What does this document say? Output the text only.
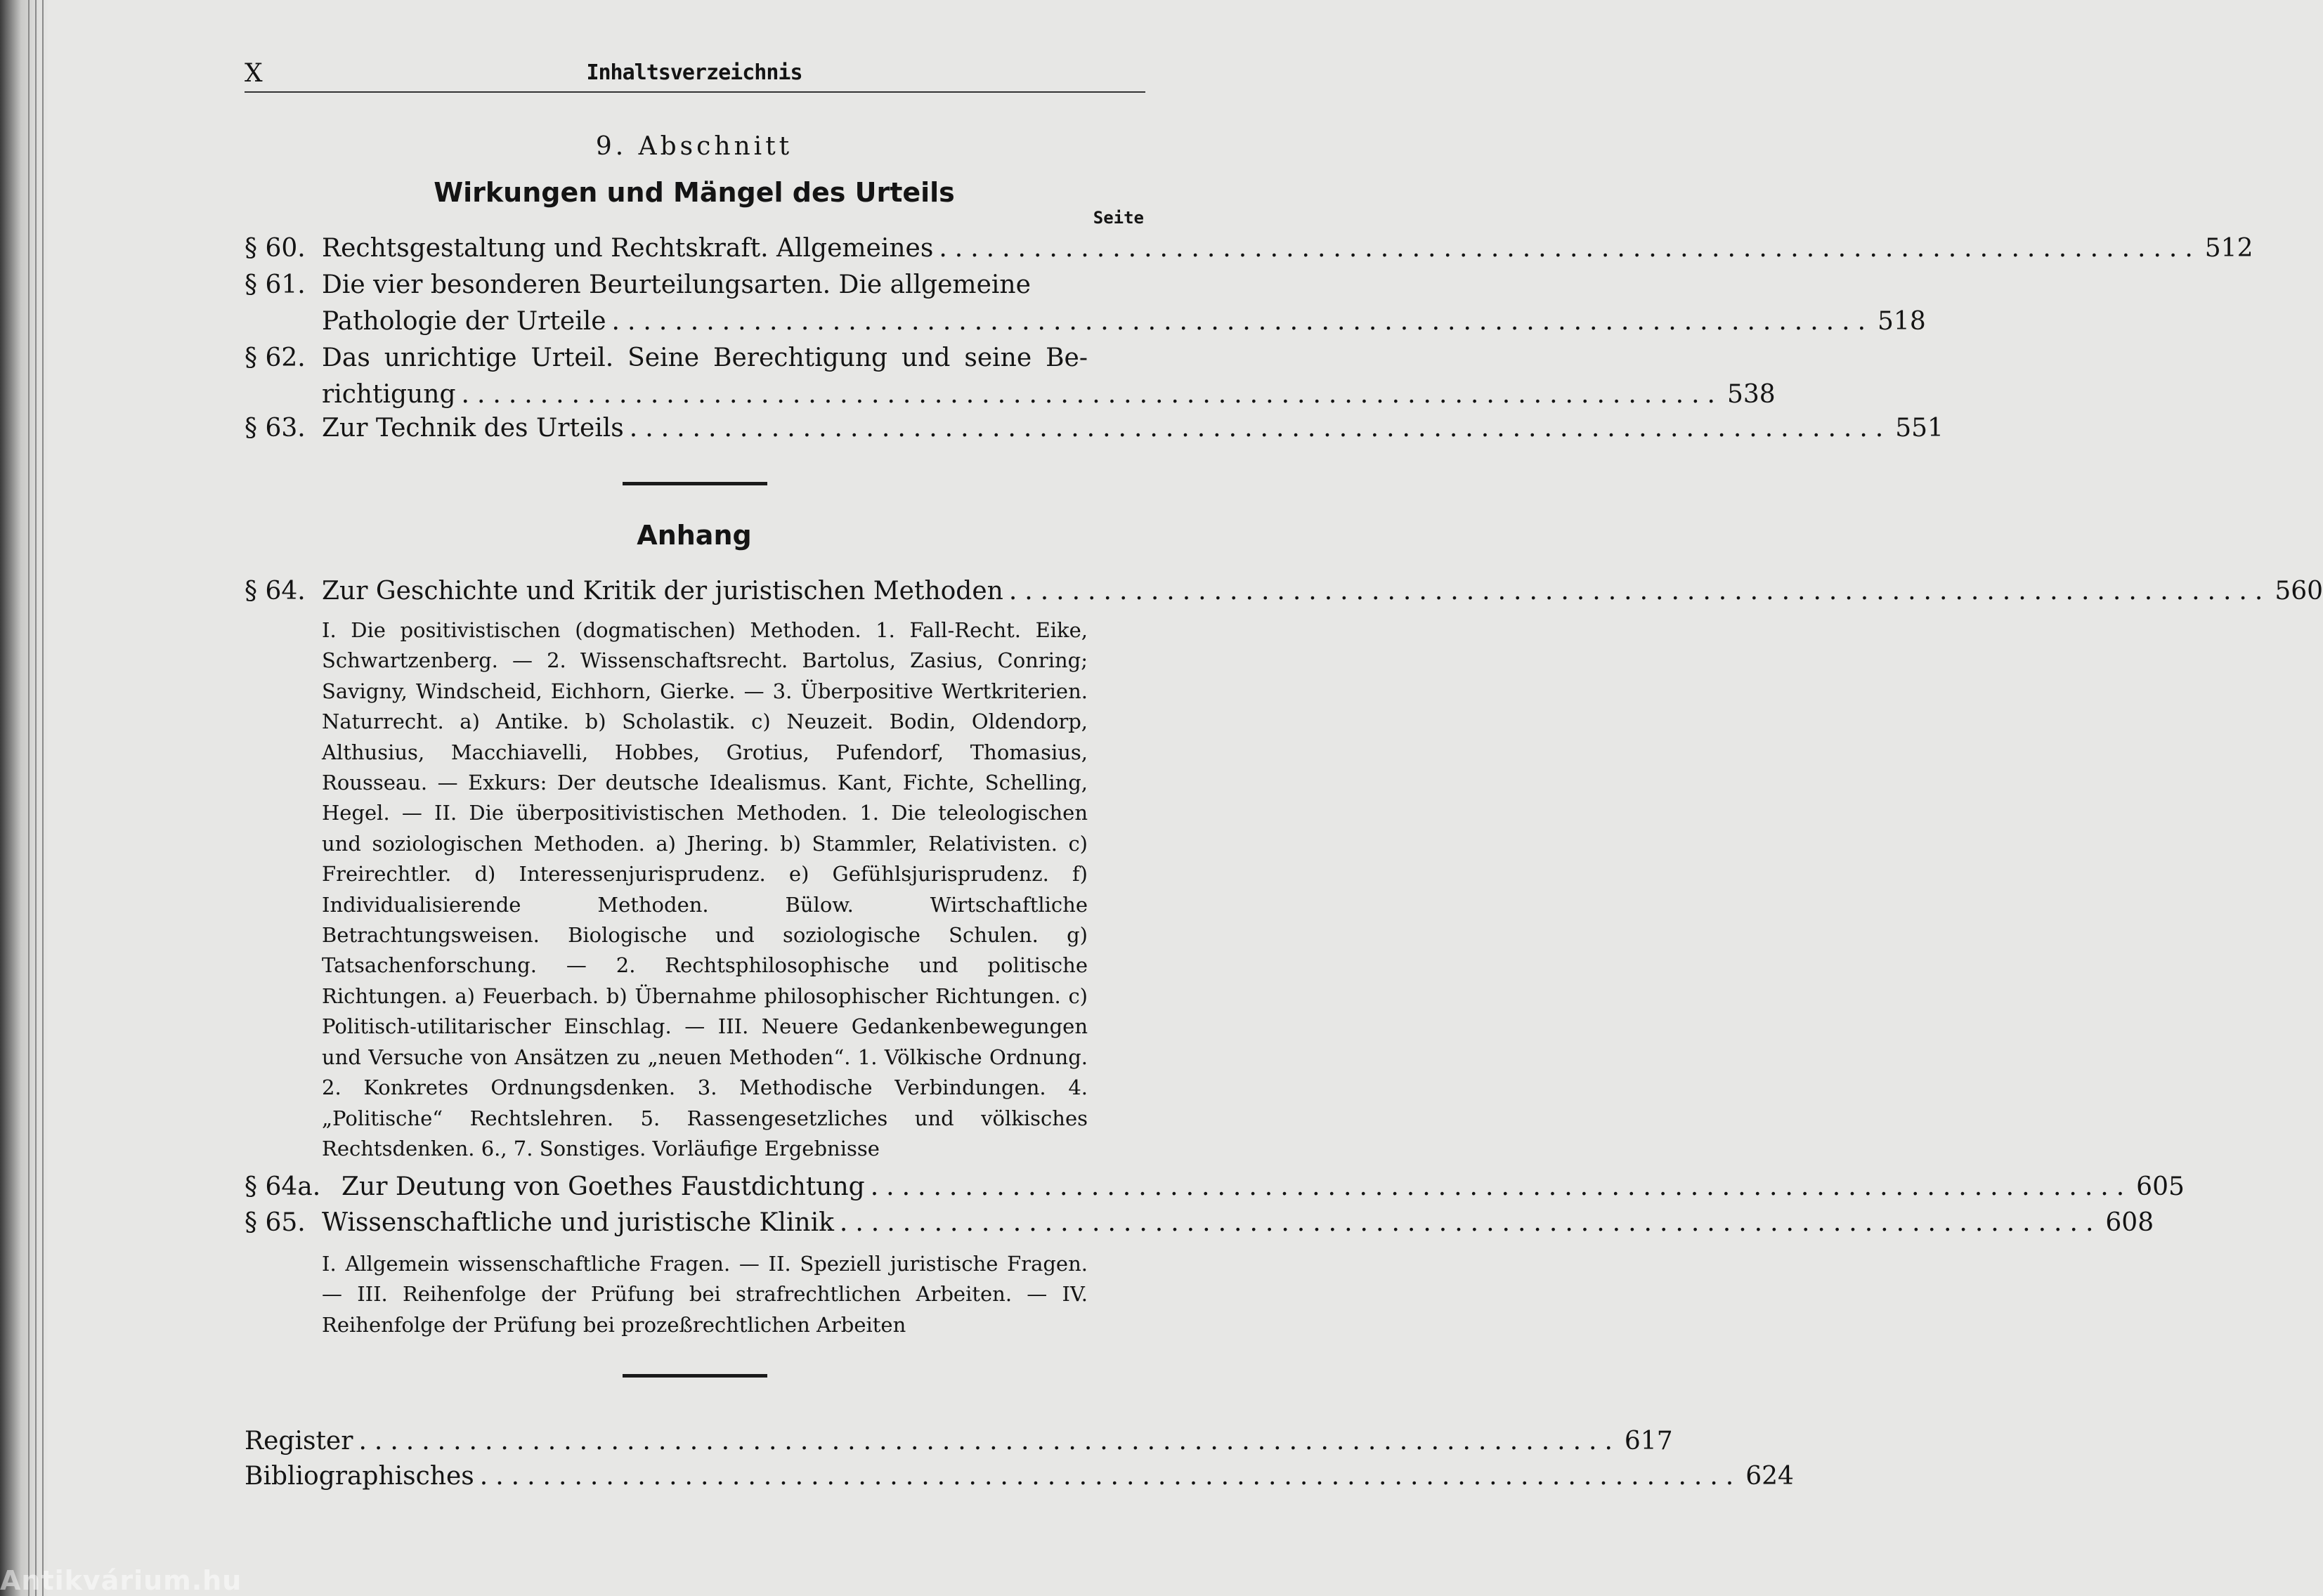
X	Inhaltsverzeichnis
9. Abschnitt
Wirkungen und Mängel des Urteils
Seite
§ 60. Rechtsgestaltung und Rechtskraft. Allgemeines ................................................................................ 512
§ 61. Die vier besonderen Beurteilungsarten. Die allgemeine
Pathologie der Urteile ................................................................................ 518
§ 62. Das unrichtige Urteil. Seine Berechtigung und seine Be-
richtigung ................................................................................ 538
§ 63. Zur Technik des Urteils ................................................................................ 551
Anhang
§ 64. Zur Geschichte und Kritik der juristischen Methoden ................................................................................ 560
I. Die positivistischen (dogmatischen) Methoden. 1. Fall-Recht. Eike, Schwartzenberg. — 2. Wissenschaftsrecht. Bartolus, Zasius, Conring; Savigny, Windscheid, Eichhorn, Gierke. — 3. Überpositive Wertkriterien. Naturrecht. a) Antike. b) Scholastik. c) Neuzeit. Bodin, Oldendorp, Althusius, Macchiavelli, Hobbes, Grotius, Pufendorf, Thomasius, Rousseau. — Exkurs: Der deutsche Idealismus. Kant, Fichte, Schelling, Hegel. — II. Die überpositivistischen Methoden. 1. Die teleologischen und soziologischen Methoden. a) Jhering. b) Stammler, Relativisten. c) Freirechtler. d) Interessenjurisprudenz. e) Gefühlsjurisprudenz. f) Individualisierende Methoden. Bülow. Wirtschaftliche Betrachtungsweisen. Biologische und soziologische Schulen. g) Tatsachenforschung. — 2. Rechtsphilosophische und politische Richtungen. a) Feuerbach. b) Übernahme philosophischer Richtungen. c) Politisch-utilitarischer Einschlag. — III. Neuere Gedankenbewegungen und Versuche von Ansätzen zu „neuen Methoden“. 1. Völkische Ordnung. 2. Konkretes Ordnungsdenken. 3. Methodische Verbindungen. 4. „Politische“ Rechtslehren. 5. Rassengesetzliches und völkisches Rechtsdenken. 6., 7. Sonstiges. Vorläufige Ergebnisse
§ 64a. Zur Deutung von Goethes Faustdichtung ................................................................................ 605
§ 65. Wissenschaftliche und juristische Klinik ................................................................................ 608
I. Allgemein wissenschaftliche Fragen. — II. Speziell juristische Fragen. — III. Reihenfolge der Prüfung bei strafrechtlichen Arbeiten. — IV. Reihenfolge der Prüfung bei prozeßrechtlichen Arbeiten
Register ................................................................................ 617
Bibliographisches ................................................................................ 624
Antikvárium.hu
